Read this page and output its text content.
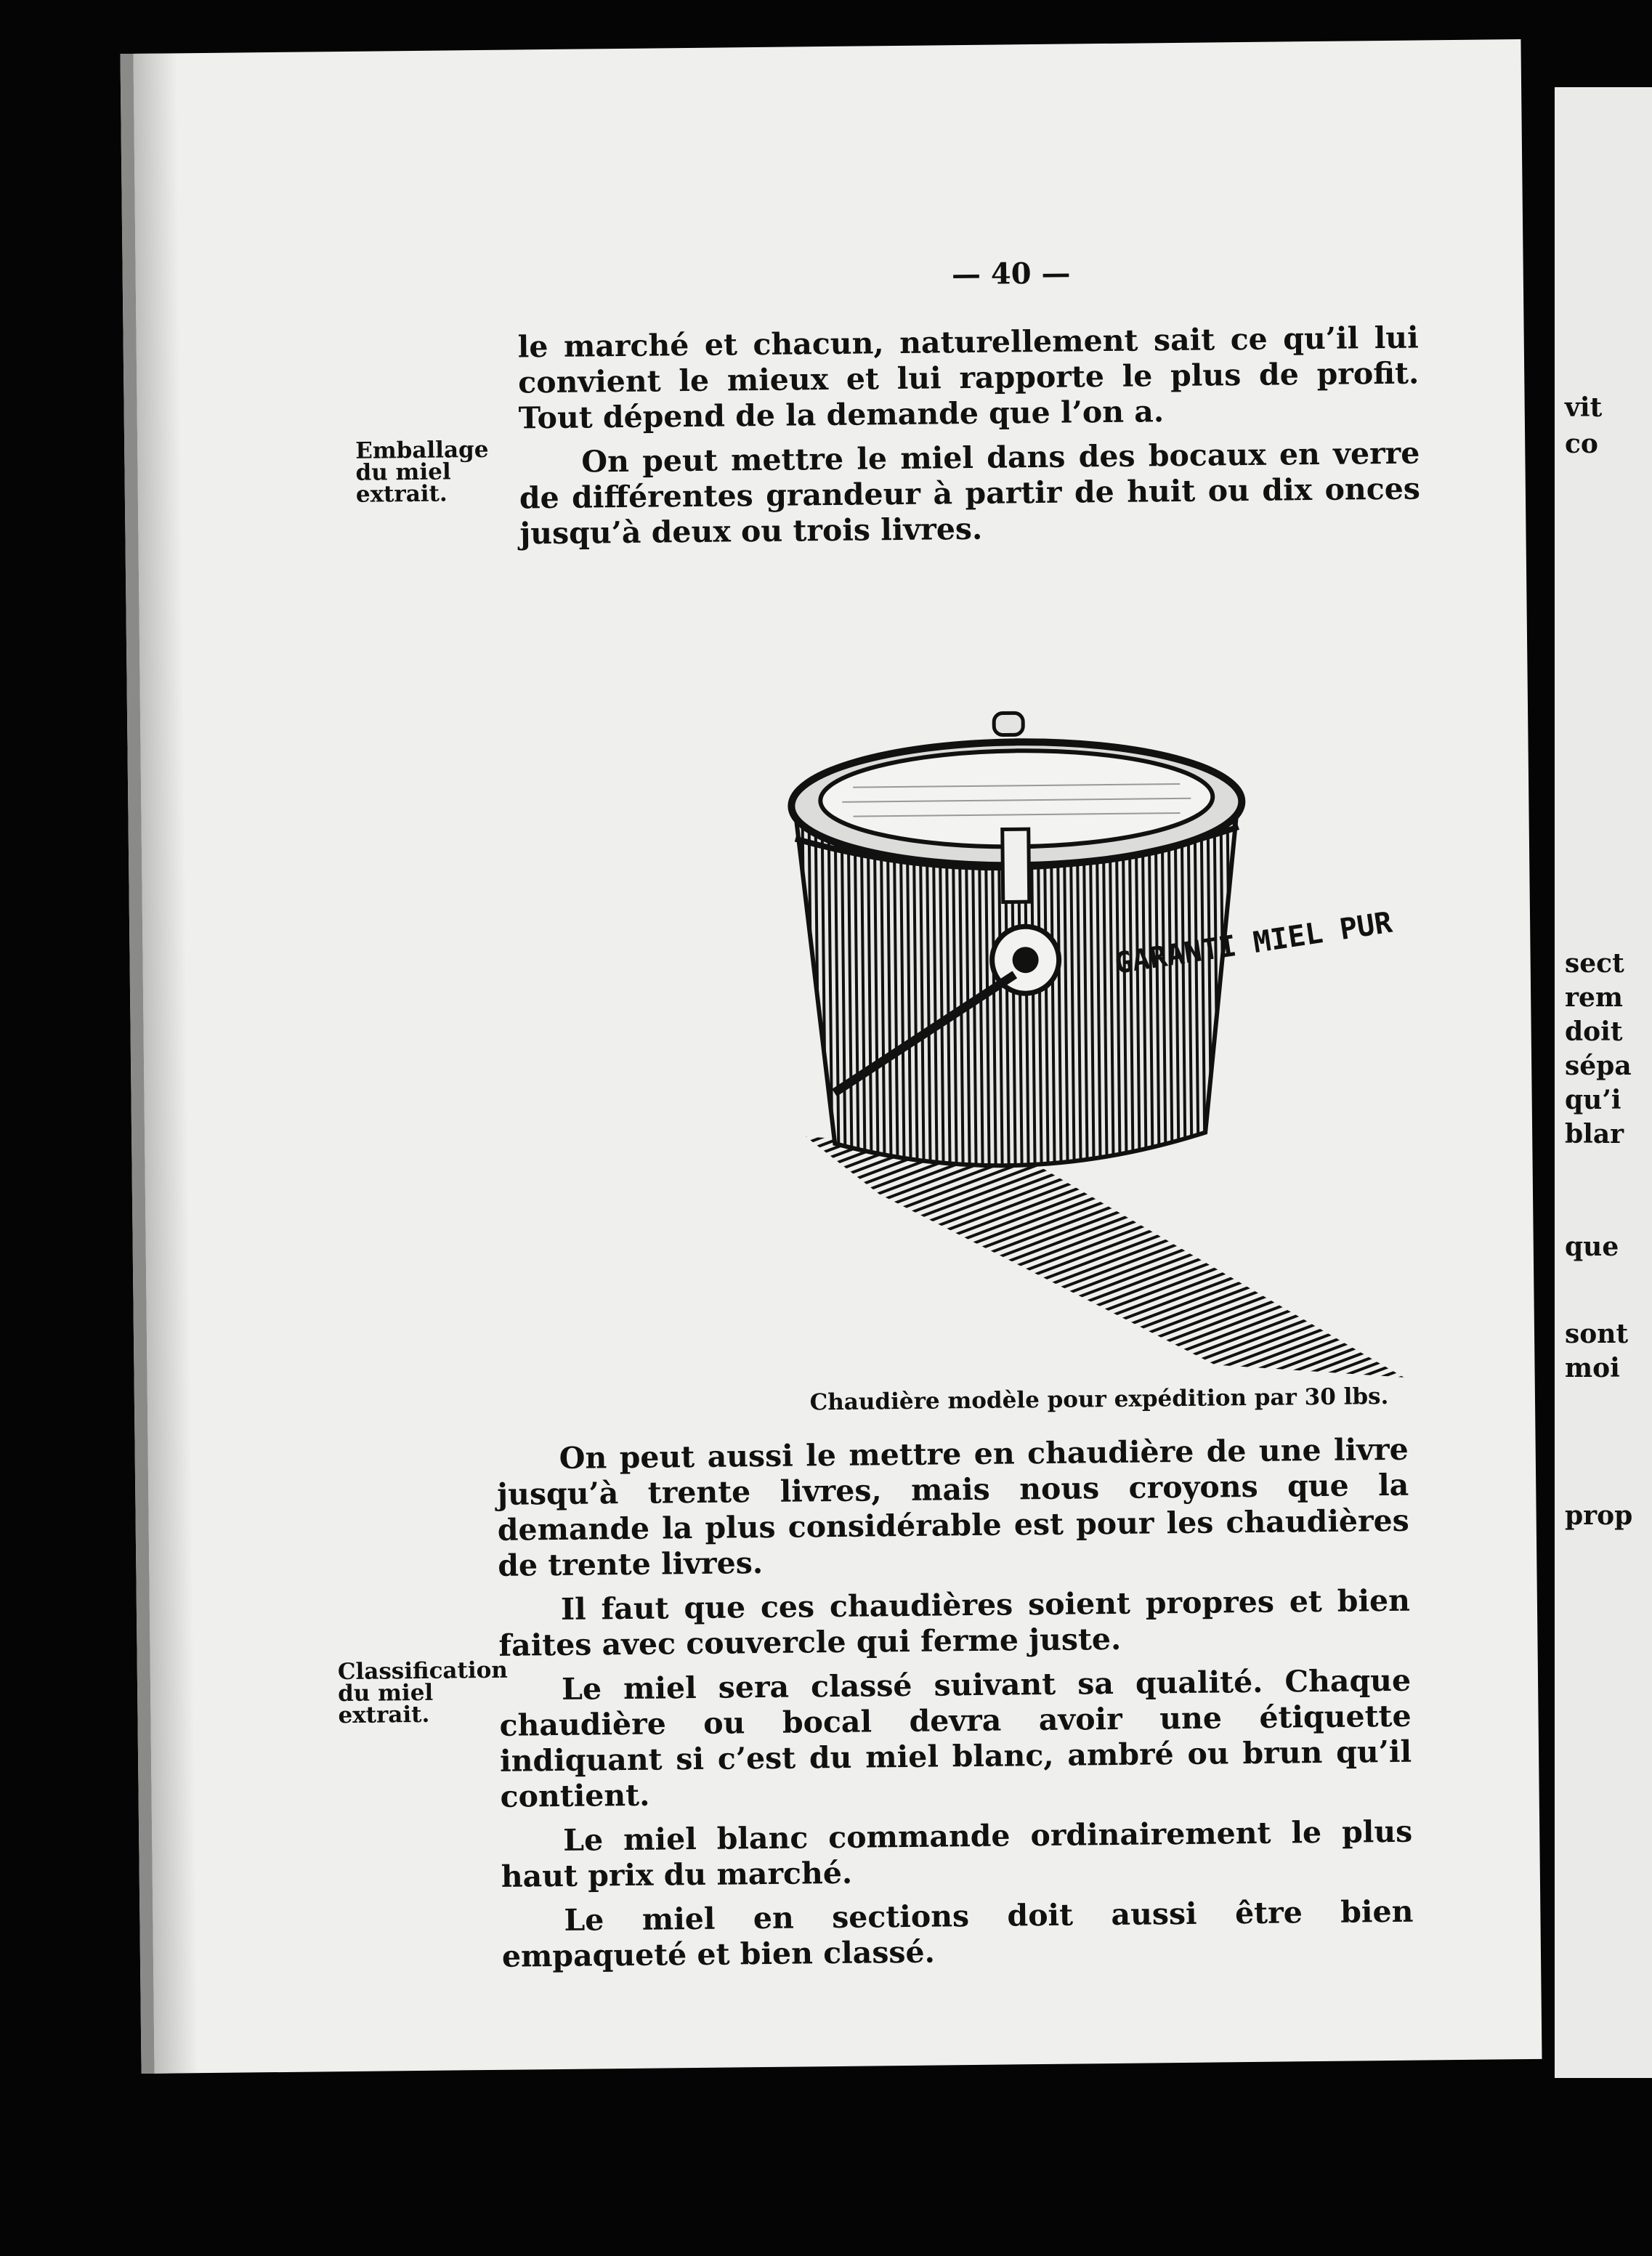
— 40 —

le marché et chacun, naturellement sait ce qu’il lui convient le mieux et lui rapporte le plus de profit. Tout dépend de la demande que l’on a.

On peut mettre le miel dans des bocaux en verre de différentes grandeur à partir de huit ou dix onces jusqu’à deux ou trois livres.

Emballage du miel extrait.
GARANTI MIEL PUR
Chaudière modèle pour expédition par 30 lbs.

On peut aussi le mettre en chaudière de une livre jusqu’à trente livres, mais nous croyons que la demande la plus considérable est pour les chaudières de trente livres.

Il faut que ces chaudières soient propres et bien faites avec couvercle qui ferme juste.

Le miel sera classé suivant sa qualité. Chaque chaudière ou bocal devra avoir une étiquette indiquant si c’est du miel blanc, ambré ou brun qu’il contient.

Le miel blanc commande ordinairement le plus haut prix du marché.

Le miel en sections doit aussi être bien empaqueté et bien classé.

Classification du miel extrait.
vit
co
sect
rem
doit
sépa
qu’i
blar
que
sont
moi
prop
